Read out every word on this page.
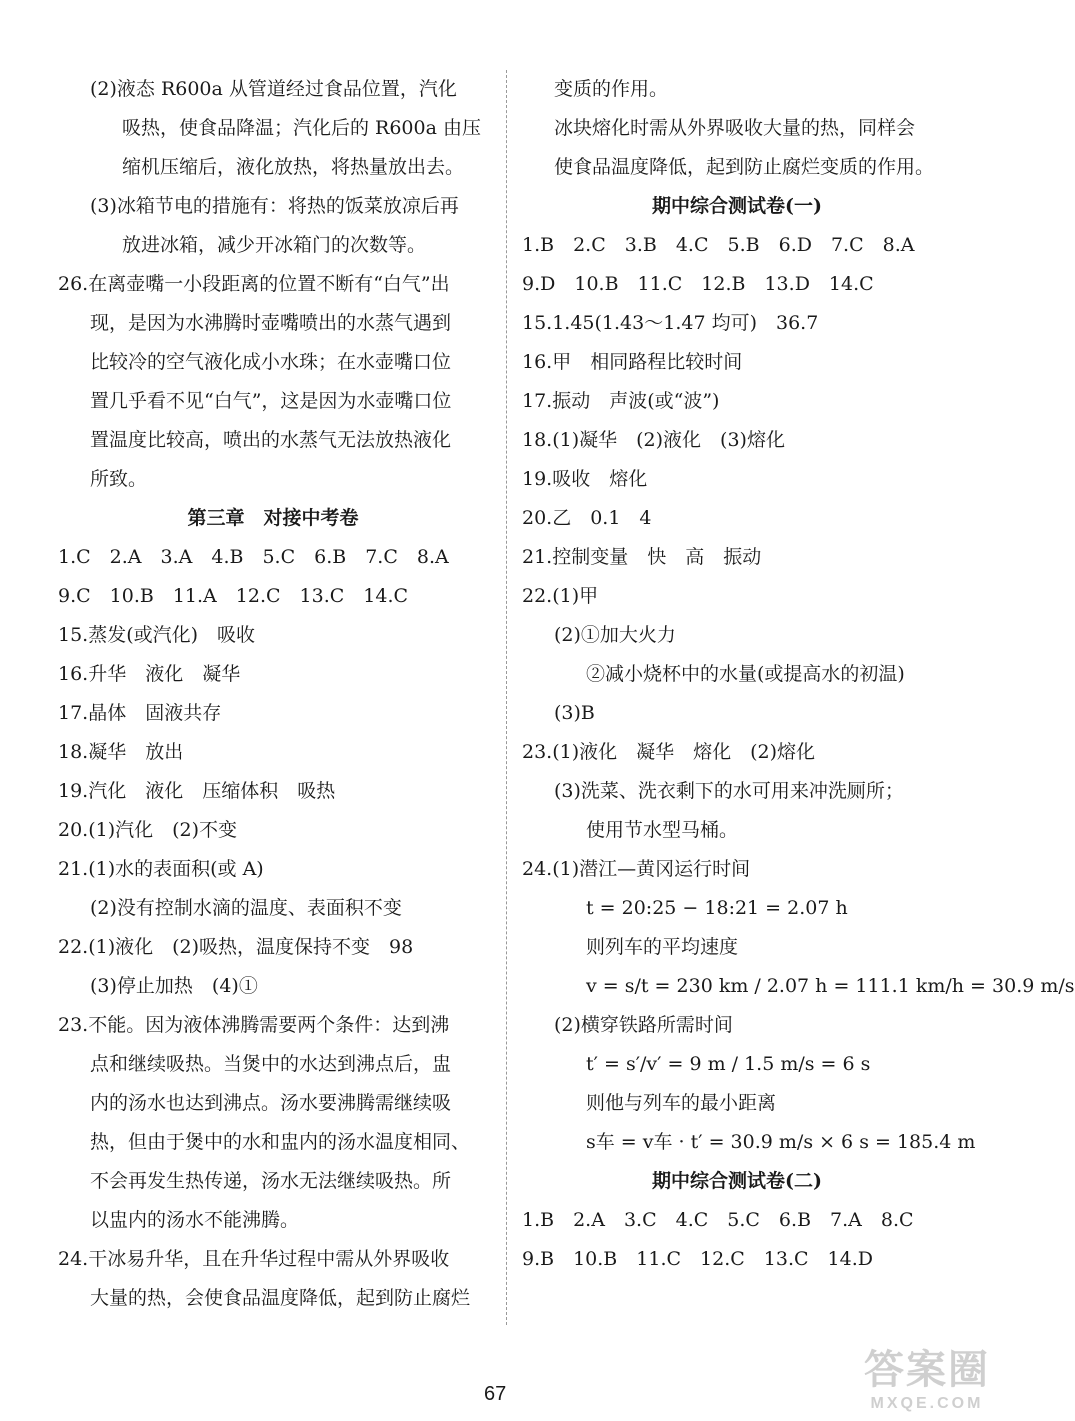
(2)液态 R600a 从管道经过食品位置，汽化
吸热，使食品降温；汽化后的 R600a 由压
缩机压缩后，液化放热，将热量放出去。
(3)冰箱节电的措施有：将热的饭菜放凉后再
放进冰箱，减少开冰箱门的次数等。
26.在离壶嘴一小段距离的位置不断有“白气”出
现，是因为水沸腾时壶嘴喷出的水蒸气遇到
比较冷的空气液化成小水珠；在水壶嘴口位
置几乎看不见“白气”，这是因为水壶嘴口位
置温度比较高，喷出的水蒸气无法放热液化
所致。
第三章　对接中考卷
1.C　2.A　3.A　4.B　5.C　6.B　7.C　8.A
9.C　10.B　11.A　12.C　13.C　14.C
15.蒸发(或汽化)　吸收
16.升华　液化　凝华
17.晶体　固液共存
18.凝华　放出
19.汽化　液化　压缩体积　吸热
20.(1)汽化　(2)不变
21.(1)水的表面积(或 A)
(2)没有控制水滴的温度、表面积不变
22.(1)液化　(2)吸热，温度保持不变　98
(3)停止加热　(4)①
23.不能。因为液体沸腾需要两个条件：达到沸
点和继续吸热。当煲中的水达到沸点后，盅
内的汤水也达到沸点。汤水要沸腾需继续吸
热，但由于煲中的水和盅内的汤水温度相同、
不会再发生热传递，汤水无法继续吸热。所
以盅内的汤水不能沸腾。
24.干冰易升华，且在升华过程中需从外界吸收
大量的热，会使食品温度降低，起到防止腐烂
变质的作用。
冰块熔化时需从外界吸收大量的热，同样会
使食品温度降低，起到防止腐烂变质的作用。
期中综合测试卷(一)
1.B　2.C　3.B　4.C　5.B　6.D　7.C　8.A
9.D　10.B　11.C　12.B　13.D　14.C
15.1.45(1.43～1.47 均可)　36.7
16.甲　相同路程比较时间
17.振动　声波(或“波”)
18.(1)凝华　(2)液化　(3)熔化
19.吸收　熔化
20.乙　0.1　4
21.控制变量　快　高　振动
22.(1)甲
(2)①加大火力
②减小烧杯中的水量(或提高水的初温)
(3)B
23.(1)液化　凝华　熔化　(2)熔化
(3)洗菜、洗衣剩下的水可用来冲洗厕所；
使用节水型马桶。
24.(1)潜江—黄冈运行时间
t = 20:25 − 18:21 = 2.07 h
则列车的平均速度
v = s/t = 230 km / 2.07 h = 111.1 km/h = 30.9 m/s
(2)横穿铁路所需时间
t′ = s′/v′ = 9 m / 1.5 m/s = 6 s
则他与列车的最小距离
s车 = v车 · t′ = 30.9 m/s × 6 s = 185.4 m
期中综合测试卷(二)
1.B　2.A　3.C　4.C　5.C　6.B　7.A　8.C
9.B　10.B　11.C　12.C　13.C　14.D
67
答案圈
MXQE.COM
